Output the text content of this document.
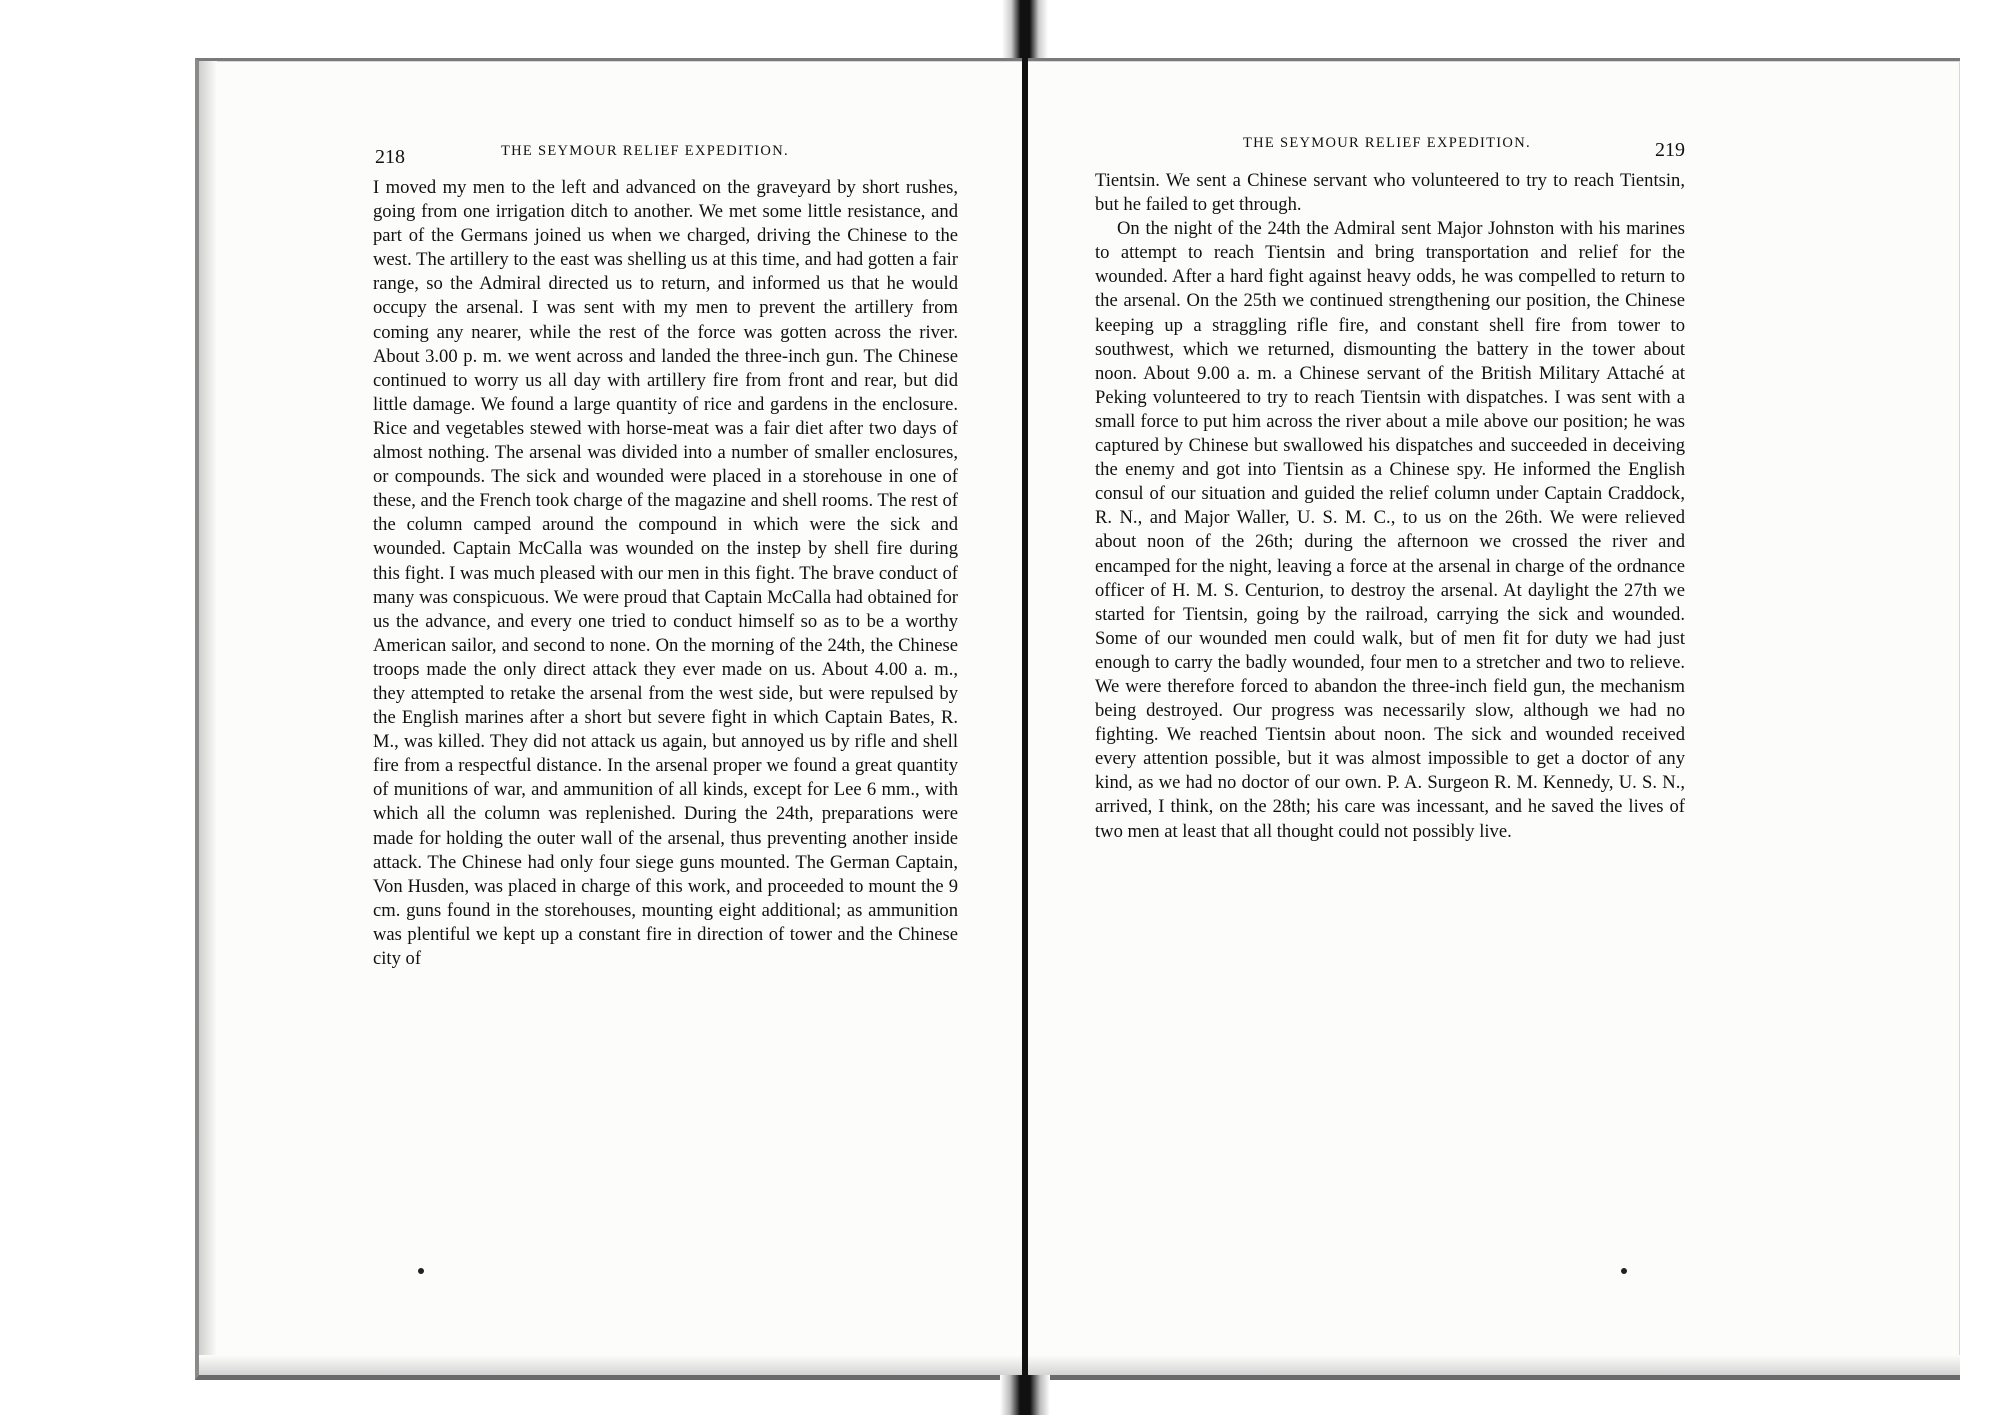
218	THE SEYMOUR RELIEF EXPEDITION.

I moved my men to the left and advanced on the graveyard by short rushes, going from one irrigation ditch to another. We met some little resistance, and part of the Germans joined us when we charged, driving the Chinese to the west. The artillery to the east was shelling us at this time, and had gotten a fair range, so the Admiral directed us to return, and informed us that he would occupy the arsenal. I was sent with my men to prevent the artillery from coming any nearer, while the rest of the force was gotten across the river. About 3.00 p. m. we went across and landed the three-inch gun. The Chinese continued to worry us all day with artillery fire from front and rear, but did little damage. We found a large quantity of rice and gardens in the enclosure. Rice and vegetables stewed with horse-meat was a fair diet after two days of almost nothing. The arsenal was divided into a number of smaller enclosures, or compounds. The sick and wounded were placed in a storehouse in one of these, and the French took charge of the magazine and shell rooms. The rest of the column camped around the compound in which were the sick and wounded. Captain McCalla was wounded on the instep by shell fire during this fight. I was much pleased with our men in this fight. The brave conduct of many was conspicuous. We were proud that Captain McCalla had obtained for us the advance, and every one tried to conduct himself so as to be a worthy American sailor, and second to none. On the morning of the 24th, the Chinese troops made the only direct attack they ever made on us. About 4.00 a. m., they attempted to retake the arsenal from the west side, but were repulsed by the English marines after a short but severe fight in which Captain Bates, R. M., was killed. They did not attack us again, but annoyed us by rifle and shell fire from a respectful distance. In the arsenal proper we found a great quantity of munitions of war, and ammunition of all kinds, except for Lee 6 mm., with which all the column was replenished. During the 24th, preparations were made for holding the outer wall of the arsenal, thus preventing another inside attack. The Chinese had only four siege guns mounted. The German Captain, Von Husden, was placed in charge of this work, and proceeded to mount the 9 cm. guns found in the storehouses, mounting eight additional; as ammunition was plentiful we kept up a constant fire in direction of tower and the Chinese city of

THE SEYMOUR RELIEF EXPEDITION.	219

Tientsin. We sent a Chinese servant who volunteered to try to reach Tientsin, but he failed to get through.

On the night of the 24th the Admiral sent Major Johnston with his marines to attempt to reach Tientsin and bring transportation and relief for the wounded. After a hard fight against heavy odds, he was compelled to return to the arsenal. On the 25th we continued strengthening our position, the Chinese keeping up a straggling rifle fire, and constant shell fire from tower to southwest, which we returned, dismounting the battery in the tower about noon. About 9.00 a. m. a Chinese servant of the British Military Attaché at Peking volunteered to try to reach Tientsin with dispatches. I was sent with a small force to put him across the river about a mile above our position; he was captured by Chinese but swallowed his dispatches and succeeded in deceiving the enemy and got into Tientsin as a Chinese spy. He informed the English consul of our situation and guided the relief column under Captain Craddock, R. N., and Major Waller, U. S. M. C., to us on the 26th. We were relieved about noon of the 26th; during the afternoon we crossed the river and encamped for the night, leaving a force at the arsenal in charge of the ordnance officer of H. M. S. Centurion, to destroy the arsenal. At daylight the 27th we started for Tientsin, going by the railroad, carrying the sick and wounded. Some of our wounded men could walk, but of men fit for duty we had just enough to carry the badly wounded, four men to a stretcher and two to relieve. We were therefore forced to abandon the three-inch field gun, the mechanism being destroyed. Our progress was necessarily slow, although we had no fighting. We reached Tientsin about noon. The sick and wounded received every attention possible, but it was almost impossible to get a doctor of any kind, as we had no doctor of our own. P. A. Surgeon R. M. Kennedy, U. S. N., arrived, I think, on the 28th; his care was incessant, and he saved the lives of two men at least that all thought could not possibly live.
